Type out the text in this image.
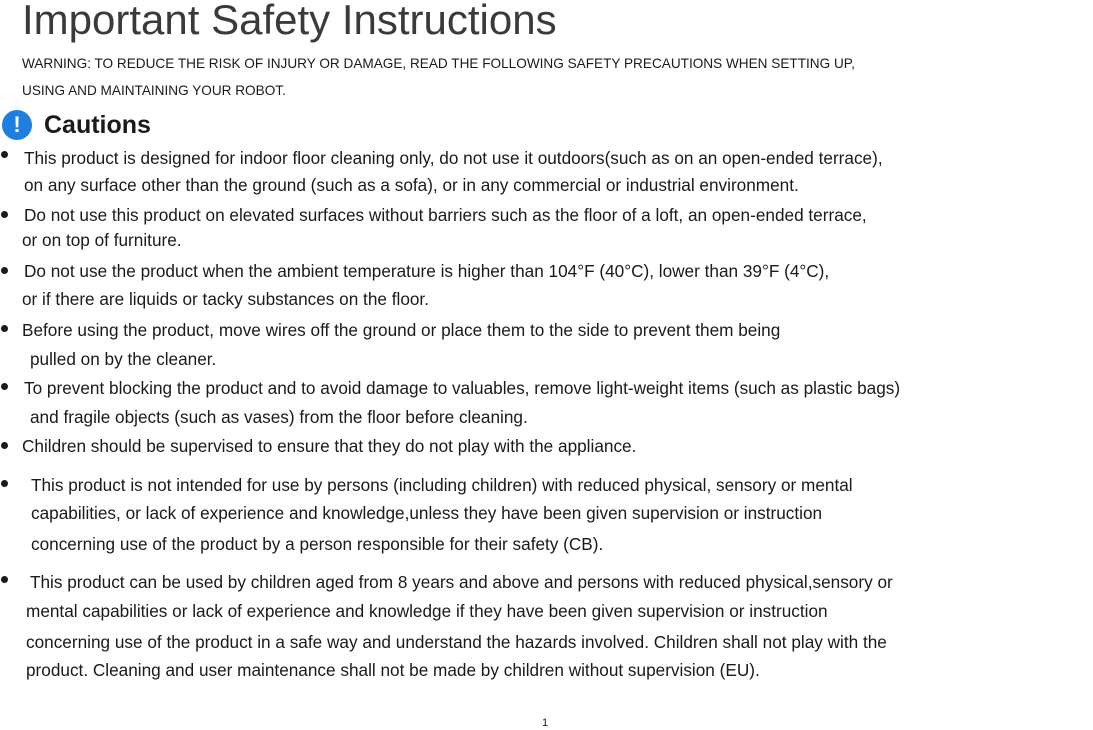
Important Safety Instructions
WARNING: TO REDUCE THE RISK OF INJURY OR DAMAGE, READ THE FOLLOWING SAFETY PRECAUTIONS WHEN SETTING UP,
USING AND MAINTAINING YOUR ROBOT.
! Cautions
This product is designed for indoor floor cleaning only, do not use it outdoors(such as on an open-ended terrace),
on any surface other than the ground (such as a sofa), or in any commercial or industrial environment.
Do not use this product on elevated surfaces without barriers such as the floor of a loft, an open-ended terrace,
or on top of furniture.
Do not use the product when the ambient temperature is higher than 104°F (40°C), lower than 39°F (4°C),
or if there are liquids or tacky substances on the floor.
Before using the product, move wires off the ground or place them to the side to prevent them being
pulled on by the cleaner.
To prevent blocking the product and to avoid damage to valuables, remove light-weight items (such as plastic bags)
and fragile objects (such as vases) from the floor before cleaning.
Children should be supervised to ensure that they do not play with the appliance.
This product is not intended for use by persons (including children) with reduced physical, sensory or mental
capabilities, or lack of experience and knowledge,unless they have been given supervision or instruction
concerning use of the product by a person responsible for their safety (CB).
This product can be used by children aged from 8 years and above and persons with reduced physical,sensory or
mental capabilities or lack of experience and knowledge if they have been given supervision or instruction
concerning use of the product in a safe way and understand the hazards involved. Children shall not play with the
product. Cleaning and user maintenance shall not be made by children without supervision (EU).
1
